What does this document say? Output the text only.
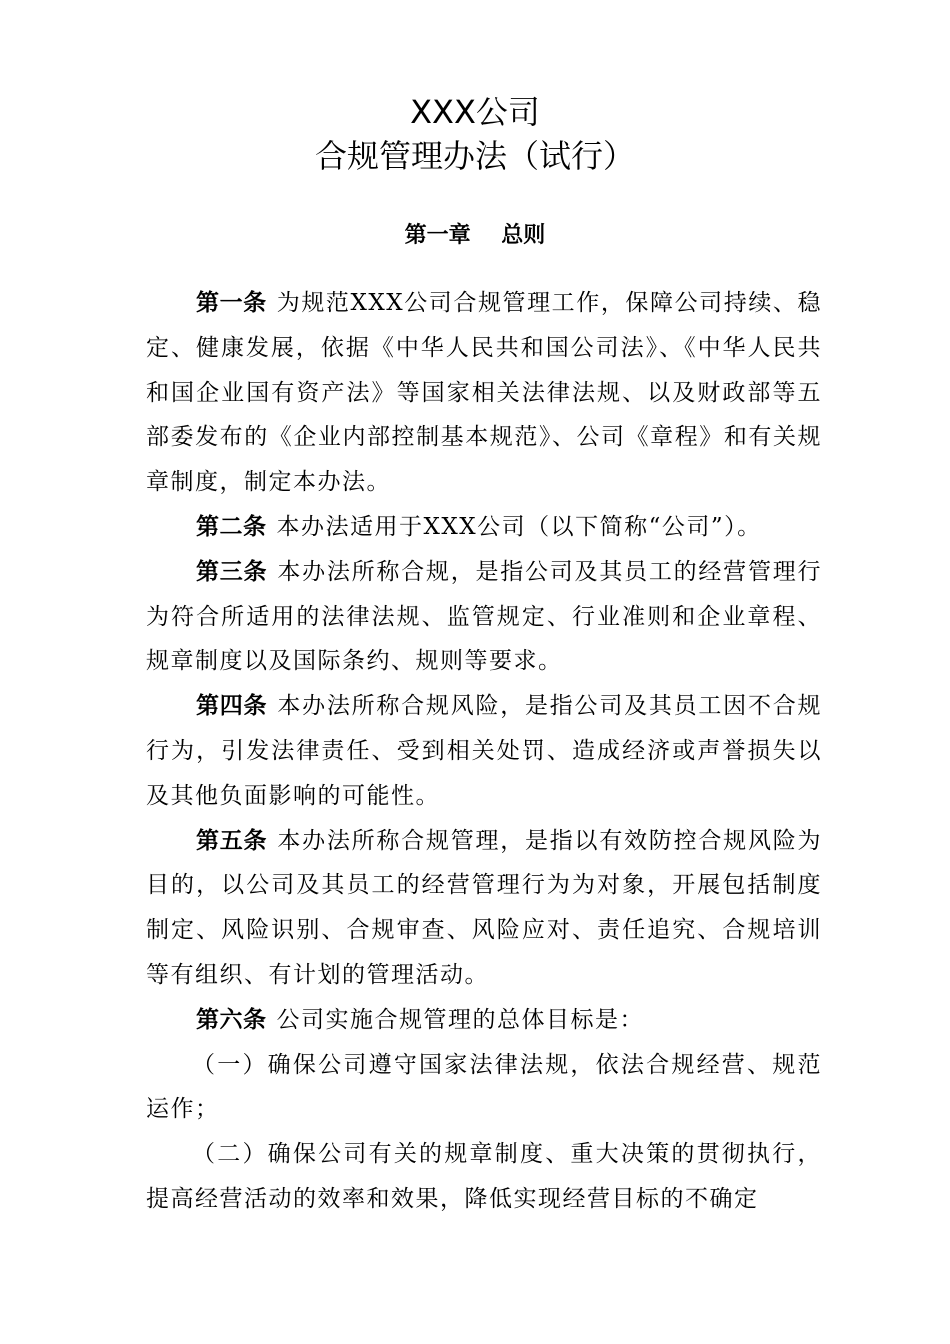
XXX公司
合规管理办法（试行）
第一章    总则

第一条 为规范XXX公司合规管理工作，保障公司持续、稳定、健康发展，依据《中华人民共和国公司法》、《中华人民共和国企业国有资产法》等国家相关法律法规、以及财政部等五部委发布的《企业内部控制基本规范》、公司《章程》和有关规章制度，制定本办法。

第二条 本办法适用于XXX公司（以下简称“公司”）。

第三条 本办法所称合规，是指公司及其员工的经营管理行为符合所适用的法律法规、监管规定、行业准则和企业章程、规章制度以及国际条约、规则等要求。

第四条 本办法所称合规风险，是指公司及其员工因不合规行为，引发法律责任、受到相关处罚、造成经济或声誉损失以及其他负面影响的可能性。

第五条 本办法所称合规管理，是指以有效防控合规风险为目的，以公司及其员工的经营管理行为为对象，开展包括制度制定、风险识别、合规审查、风险应对、责任追究、合规培训等有组织、有计划的管理活动。

第六条 公司实施合规管理的总体目标是：

（一）确保公司遵守国家法律法规，依法合规经营、规范运作；

（二）确保公司有关的规章制度、重大决策的贯彻执行，提高经营活动的效率和效果，降低实现经营目标的不确定
